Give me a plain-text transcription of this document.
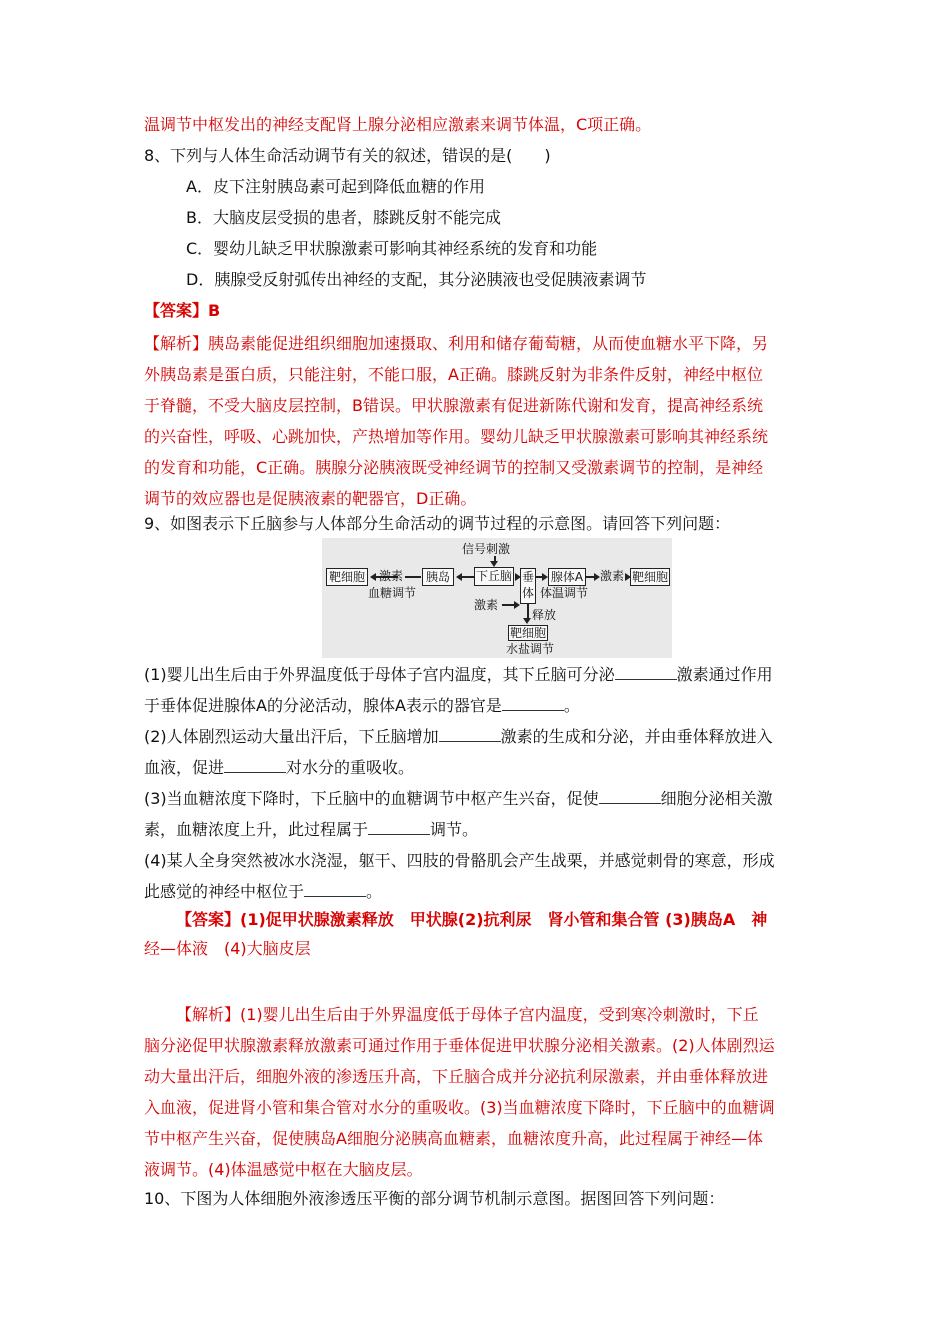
温调节中枢发出的神经支配肾上腺分泌相应激素来调节体温，C项正确。
8、下列与人体生命活动调节有关的叙述，错误的是(　　)
A．皮下注射胰岛素可起到降低血糖的作用
B．大脑皮层受损的患者，膝跳反射不能完成
C．婴幼儿缺乏甲状腺激素可影响其神经系统的发育和功能
D．胰腺受反射弧传出神经的支配，其分泌胰液也受促胰液素调节
【答案】B
【解析】胰岛素能促进组织细胞加速摄取、利用和储存葡萄糖，从而使血糖水平下降，另
外胰岛素是蛋白质，只能注射，不能口服，A正确。膝跳反射为非条件反射，神经中枢位
于脊髓，不受大脑皮层控制，B错误。甲状腺激素有促进新陈代谢和发育，提高神经系统
的兴奋性，呼吸、心跳加快，产热增加等作用。婴幼儿缺乏甲状腺激素可影响其神经系统
的发育和功能，C正确。胰腺分泌胰液既受神经调节的控制又受激素调节的控制，是神经
调节的效应器也是促胰液素的靶器官，D正确。
9、如图表示下丘脑参与人体部分生命活动的调节过程的示意图。请回答下列问题：
靶细胞 激素
血糖调节
胰岛
信号刺激
下丘脑
激素
垂体
腺体A 激素 靶细胞
体温调节
释放
靶细胞
水盐调节
(1)婴儿出生后由于外界温度低于母体子宫内温度，其下丘脑可分泌	激素通过作用
于垂体促进腺体A的分泌活动，腺体A表示的器官是	。
(2)人体剧烈运动大量出汗后，下丘脑增加	激素的生成和分泌，并由垂体释放进入
血液，促进	对水分的重吸收。
(3)当血糖浓度下降时，下丘脑中的血糖调节中枢产生兴奋，促使	细胞分泌相关激
素，血糖浓度上升，此过程属于	调节。
(4)某人全身突然被冰水浇湿，躯干、四肢的骨骼肌会产生战栗，并感觉刺骨的寒意，形成
此感觉的神经中枢位于	。
【答案】(1)促甲状腺激素释放　甲状腺(2)抗利尿　肾小管和集合管 (3)胰岛A　神
经—体液　(4)大脑皮层
【解析】(1)婴儿出生后由于外界温度低于母体子宫内温度，受到寒冷刺激时，下丘
脑分泌促甲状腺激素释放激素可通过作用于垂体促进甲状腺分泌相关激素。(2)人体剧烈运
动大量出汗后，细胞外液的渗透压升高，下丘脑合成并分泌抗利尿激素，并由垂体释放进
入血液，促进肾小管和集合管对水分的重吸收。(3)当血糖浓度下降时，下丘脑中的血糖调
节中枢产生兴奋，促使胰岛A细胞分泌胰高血糖素，血糖浓度升高，此过程属于神经—体
液调节。(4)体温感觉中枢在大脑皮层。
10、下图为人体细胞外液渗透压平衡的部分调节机制示意图。据图回答下列问题：
